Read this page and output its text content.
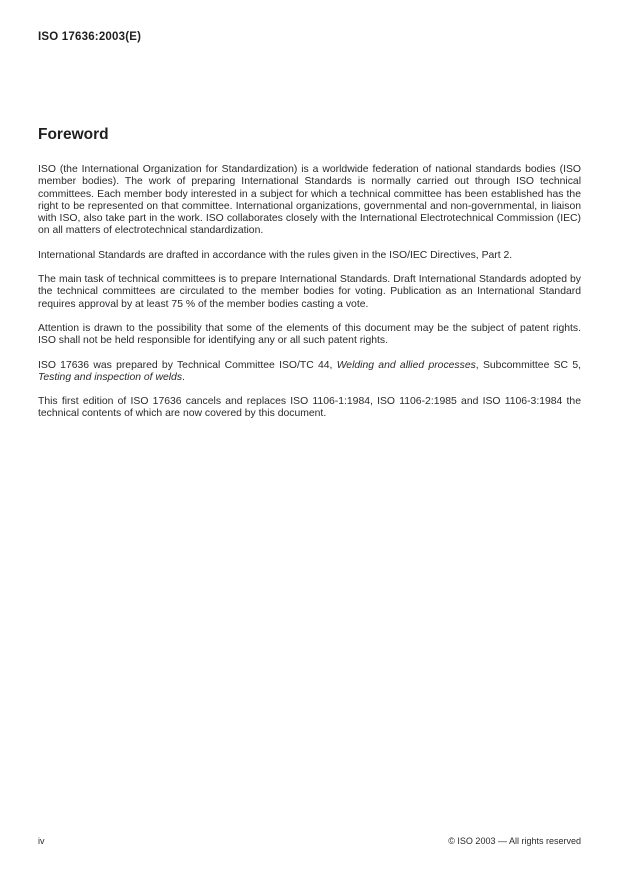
ISO 17636:2003(E)
Foreword

ISO (the International Organization for Standardization) is a worldwide federation of national standards bodies (ISO member bodies). The work of preparing International Standards is normally carried out through ISO technical committees. Each member body interested in a subject for which a technical committee has been established has the right to be represented on that committee. International organizations, governmental and non-governmental, in liaison with ISO, also take part in the work. ISO collaborates closely with the International Electrotechnical Commission (IEC) on all matters of electrotechnical standardization.

International Standards are drafted in accordance with the rules given in the ISO/IEC Directives, Part 2.

The main task of technical committees is to prepare International Standards. Draft International Standards adopted by the technical committees are circulated to the member bodies for voting. Publication as an International Standard requires approval by at least 75 % of the member bodies casting a vote.

Attention is drawn to the possibility that some of the elements of this document may be the subject of patent rights. ISO shall not be held responsible for identifying any or all such patent rights.

ISO 17636 was prepared by Technical Committee ISO/TC 44, Welding and allied processes, Subcommittee SC 5, Testing and inspection of welds.

This first edition of ISO 17636 cancels and replaces ISO 1106-1:1984, ISO 1106-2:1985 and ISO 1106-3:1984 the technical contents of which are now covered by this document.

iv	© ISO 2003 — All rights reserved
